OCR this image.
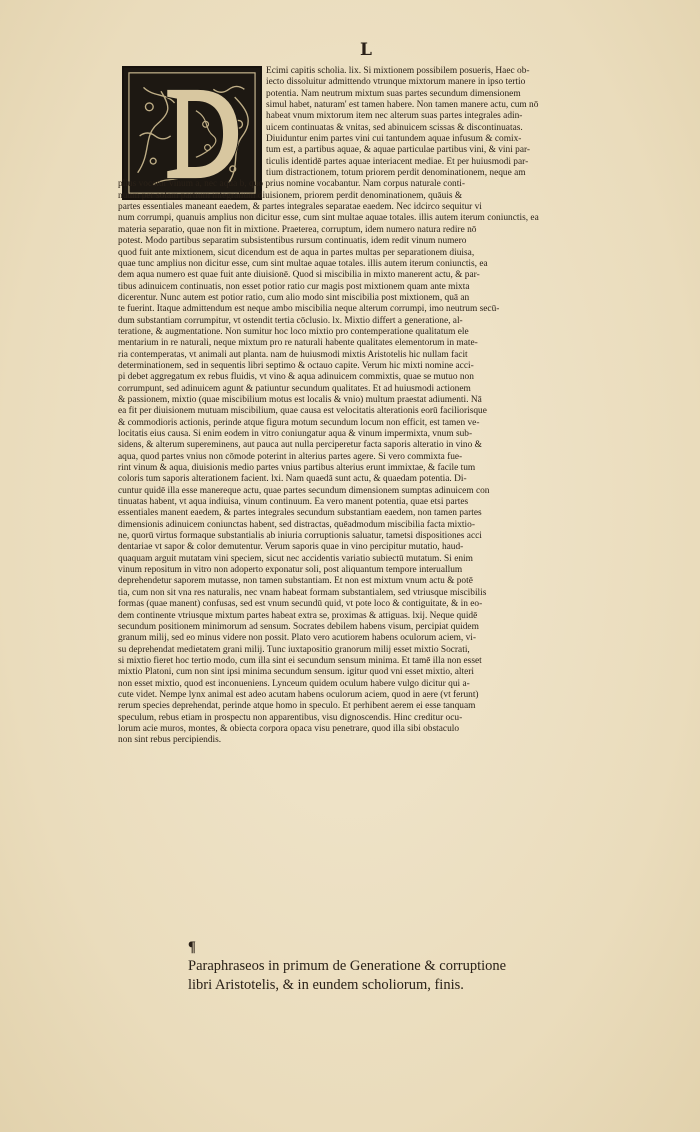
L
Ecimi capitis scholia. lix. Si mixtionem possibilem posueris, Haec ob-
iecto dissoluitur admittendo vtrunque mixtorum manere in ipso tertio
potentia. Nam neutrum mixtum suas partes secundum dimensionem
simul habet, naturam' est tamen habere. Non tamen manere actu, cum nō
habeat vnum mixtorum item nec alterum suas partes integrales adin-
uicem continuatas & vnitas, sed abinuicem scissas & discontinuatas.
Diuiduntur enim partes vini cui tantundem aquae infusum & comix-
tum est, a partibus aquae, & aquae particulae partibus vini, & vini par-
ticulis identidē partes aquae interiacent mediae. Et per huiusmodi par-
tium distractionem, totum priorem perdit denominationem, neque am
plius vocatur vinum a, nec aqua b, quo prius nomine vocabantur. Nam corpus naturale conti-
nuum per solam partium integralium diuisionem, priorem perdit denominationem, quāuis &
partes essentiales maneant eaedem, & partes integrales separatae eaedem. Nec idcirco sequitur vi
num corrumpi, quanuis amplius non dicitur esse, cum sint multae aquae totales. illis autem iterum coniunctis, ea
materia separatio, quae non fit in mixtione. Praeterea, corruptum, idem numero natura redire nō
potest. Modo partibus separatim subsistentibus rursum continuatis, idem redit vinum numero
quod fuit ante mixtionem, sicut dicendum est de aqua in partes multas per separationem diuisa,
quae tunc amplius non dicitur esse, cum sint multae aquae totales. illis autem iterum coniunctis, ea
dem aqua numero est quae fuit ante diuisionē. Quod si miscibilia in mixto manerent actu, & par-
tibus adinuicem continuatis, non esset potior ratio cur magis post mixtionem quam ante mixta
dicerentur. Nunc autem est potior ratio, cum alio modo sint miscibilia post mixtionem, quā an
te fuerint. Itaque admittendum est neque ambo miscibilia neque alterum corrumpi, imo neutrum secū-
dum substantiam corrumpitur, vt ostendit tertia cōclusio. lx. Mixtio differt a generatione, al-
teratione, & augmentatione. Non sumitur hoc loco mixtio pro contemperatione qualitatum ele
mentarium in re naturali, neque mixtum pro re naturali habente qualitates elementorum in mate-
ria contemperatas, vt animali aut planta. nam de huiusmodi mixtis Aristotelis hic nullam facit
determinationem, sed in sequentis libri septimo & octauo capite. Verum hic mixti nomine acci-
pi debet aggregatum ex rebus fluidis, vt vino & aqua adinuicem commixtis, quae se mutuo non
corrumpunt, sed adinuicem agunt & patiuntur secundum qualitates. Et ad huiusmodi actionem
& passionem, mixtio (quae miscibilium motus est localis & vnio) multum praestat adiumenti. Nā
ea fit per diuisionem mutuam miscibilium, quae causa est velocitatis alterationis eorū faciliorisque
& commodioris actionis, perinde atque figura motum secundum locum non efficit, est tamen ve-
locitatis eius causa. Si enim eodem in vitro coniungatur aqua & vinum impermixta, vnum sub-
sidens, & alterum supereminens, aut pauca aut nulla perciperetur facta saporis alteratio in vino &
aqua, quod partes vnius non cōmode poterint in alterius partes agere. Si vero commixta fue-
rint vinum & aqua, diuisionis medio partes vnius partibus alterius erunt immixtae, & facile tum
coloris tum saporis alterationem facient. lxi. Nam quaedā sunt actu, & quaedam potentia. Di-
cuntur quidē illa esse manereque actu, quae partes secundum dimensionem sumptas adinuicem con
tinuatas habent, vt aqua indiuisa, vinum continuum. Ea vero manent potentia, quae etsi partes
essentiales manent eaedem, & partes integrales secundum substantiam eaedem, non tamen partes
dimensionis adinuicem coniunctas habent, sed distractas, quēadmodum miscibilia facta mixtio-
ne, quorū virtus formaque substantialis ab iniuria corruptionis saluatur, tametsi dispositiones acci
dentariae vt sapor & color demutentur. Verum saporis quae in vino percipitur mutatio, haud-
quaquam arguit mutatam vini speciem, sicut nec accidentis variatio subiectū mutatum. Si enim
vinum repositum in vitro non adoperto exponatur soli, post aliquantum tempore interuallum
deprehendetur saporem mutasse, non tamen substantiam. Et non est mixtum vnum actu & potē
tia, cum non sit vna res naturalis, nec vnam habeat formam substantialem, sed vtriusque miscibilis
formas (quae manent) confusas, sed est vnum secundū quid, vt pote loco & contiguitate, & in eo-
dem continente vtriusque mixtum partes habeat extra se, proximas & attiguas. lxij. Neque quidē
secundum positionem minimorum ad sensum. Socrates debilem habens visum, percipiat quidem
granum milij, sed eo minus videre non possit. Plato vero acutiorem habens oculorum aciem, vi-
su deprehendat medietatem grani milij. Tunc iuxtapositio granorum milij esset mixtio Socrati,
si mixtio fieret hoc tertio modo, cum illa sint ei secundum sensum minima. Et tamē illa non esset
mixtio Platoni, cum non sint ipsi minima secundum sensum. igitur quod vni esset mixtio, alteri
non esset mixtio, quod est inconueniens. Lynceum quidem oculum habere vulgo dicitur qui a-
cute videt. Nempe lynx animal est adeo acutam habens oculorum aciem, quod in aere (vt ferunt)
rerum species deprehendat, perinde atque homo in speculo. Et perhibent aerem ei esse tanquam
speculum, rebus etiam in prospectu non apparentibus, visu dignoscendis. Hinc creditur ocu-
lorum acie muros, montes, & obiecta corpora opaca visu penetrare, quod illa sibi obstaculo
non sint rebus percipiendis.
¶
Paraphraseos in primum de Generatione & corruptione
libri Aristotelis, & in eundem scholiorum, finis.
